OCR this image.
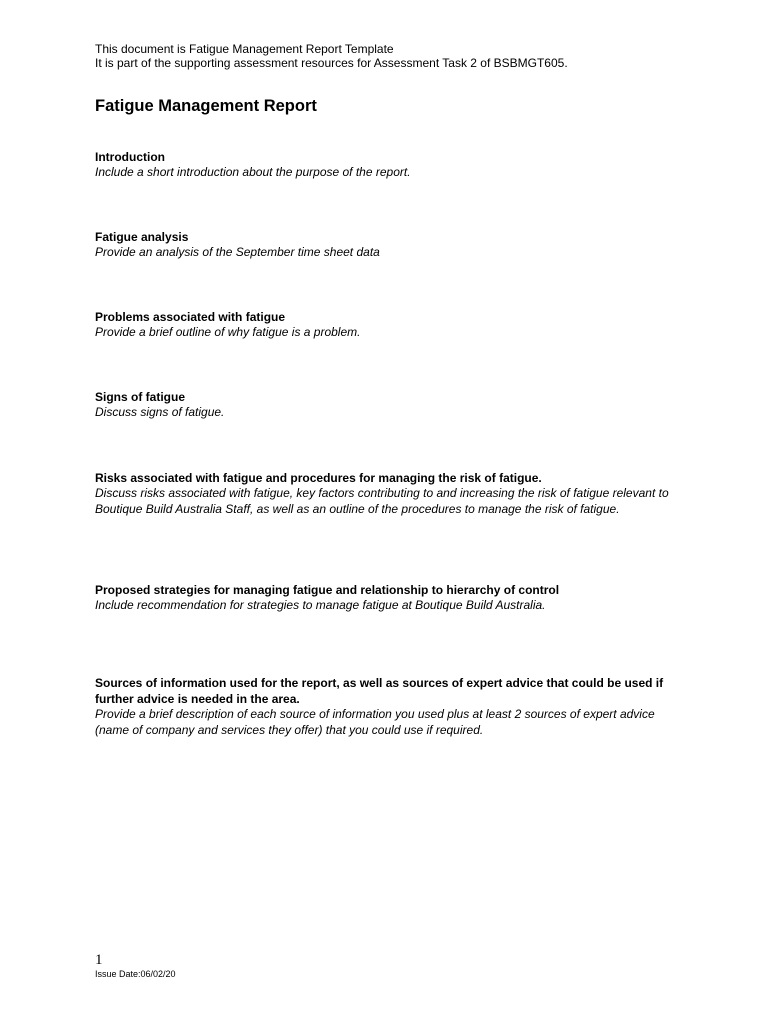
This document is Fatigue Management Report Template
It is part of the supporting assessment resources for Assessment Task 2 of BSBMGT605.
Fatigue Management Report

Introduction

Include a short introduction about the purpose of the report.

Fatigue analysis

Provide an analysis of the September time sheet data

Problems associated with fatigue

Provide a brief outline of why fatigue is a problem.

Signs of fatigue

Discuss signs of fatigue.

Risks associated with fatigue and procedures for managing the risk of fatigue.

Discuss risks associated with fatigue, key factors contributing to and increasing the risk of fatigue relevant to Boutique Build Australia Staff, as well as an outline of the procedures to manage the risk of fatigue.

Proposed strategies for managing fatigue and relationship to hierarchy of control

Include recommendation for strategies to manage fatigue at Boutique Build Australia.

Sources of information used for the report, as well as sources of expert advice that could be used if further advice is needed in the area.

Provide a brief description of each source of information you used plus at least 2 sources of expert advice (name of company and services they offer) that you could use if required.

1
Issue Date:06/02/20
